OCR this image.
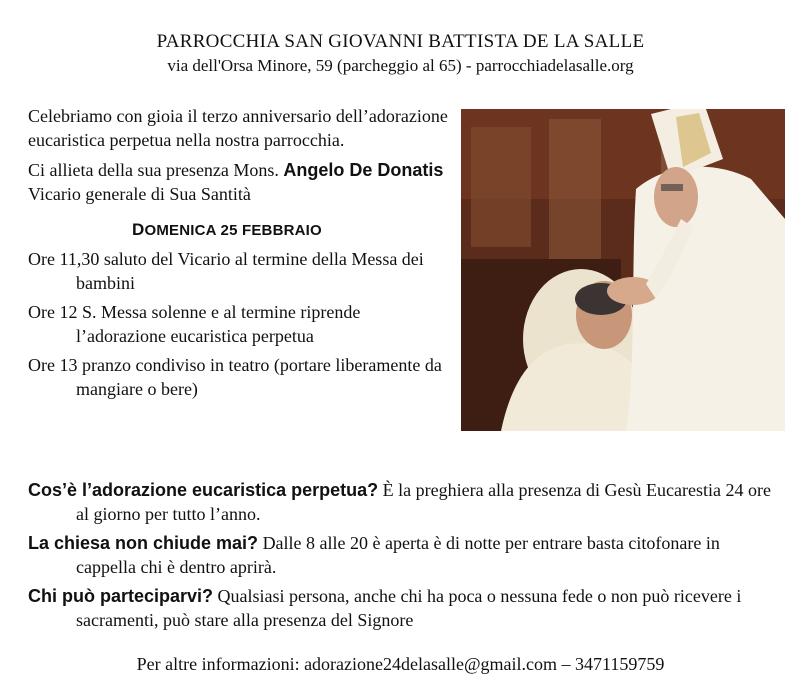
PARROCCHIA SAN GIOVANNI BATTISTA DE LA SALLE
via dell'Orsa Minore, 59 (parcheggio al 65) - parrocchiadelasalle.org

Celebriamo con gioia il terzo anniversario dell’adorazione eucaristica perpetua nella nostra parrocchia.

Ci allieta della sua presenza Mons. Angelo De Donatis Vicario generale di Sua Santità

DOMENICA 25 FEBBRAIO

Ore 11,30 saluto del Vicario al termine della Messa dei bambini

Ore 12 S. Messa solenne e al termine riprende l’adorazione eucaristica perpetua

Ore 13 pranzo condiviso in teatro (portare liberamente da mangiare o bere)

Cos’è l’adorazione eucaristica perpetua? È la preghiera alla presenza di Gesù Eucarestia 24 ore al giorno per tutto l’anno.

La chiesa non chiude mai? Dalle 8 alle 20 è aperta è di notte per entrare basta citofonare in cappella chi è dentro aprirà.

Chi può parteciparvi? Qualsiasi persona, anche chi ha poca o nessuna fede o non può ricevere i sacramenti, può stare alla presenza del Signore

Per altre informazioni: adorazione24delasalle@gmail.com – 3471159759
